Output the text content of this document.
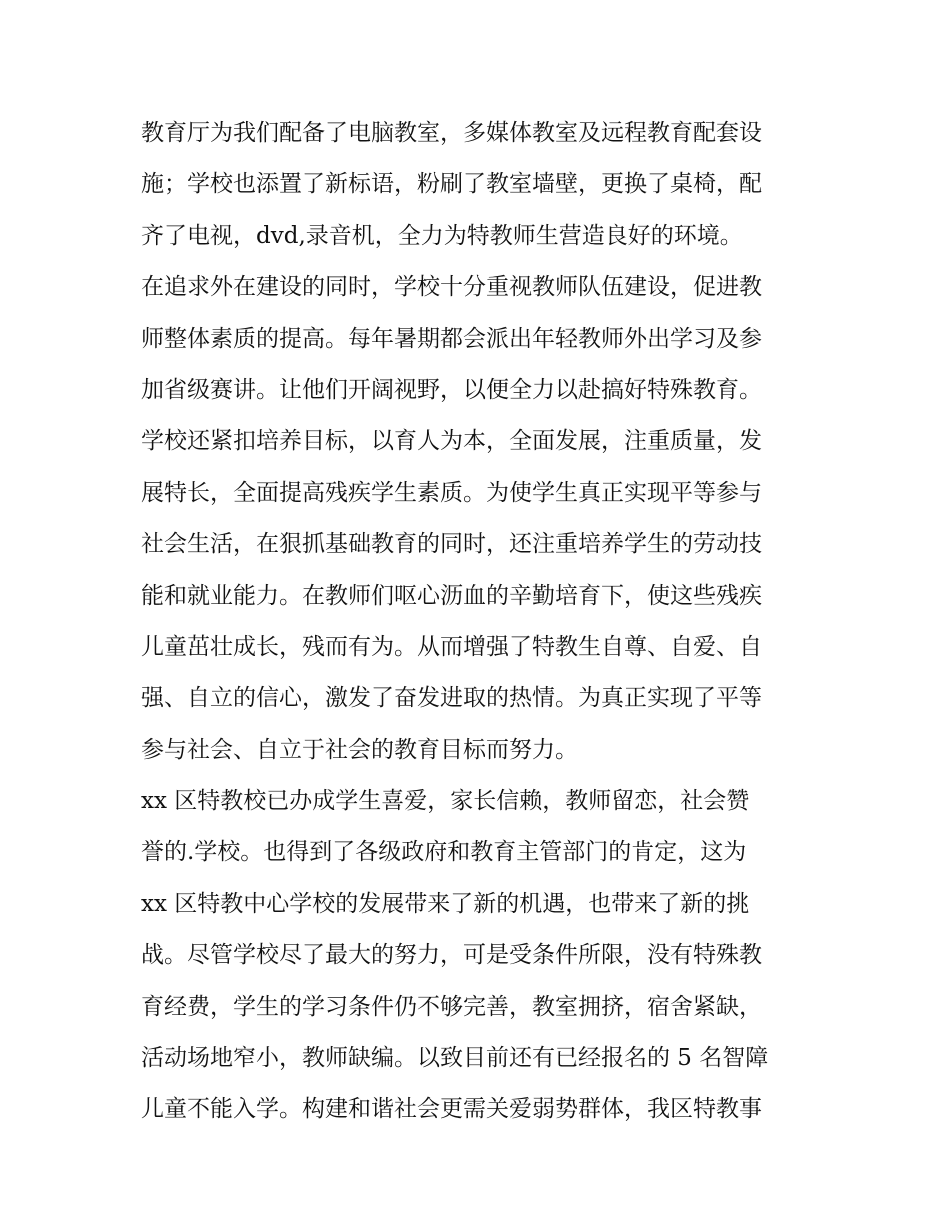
教育厅为我们配备了电脑教室，多媒体教室及远程教育配套设
施；学校也添置了新标语，粉刷了教室墙壁，更换了桌椅，配
齐了电视，dvd,录音机，全力为特教师生营造良好的环境。
在追求外在建设的同时，学校十分重视教师队伍建设，促进教
师整体素质的提高。每年暑期都会派出年轻教师外出学习及参
加省级赛讲。让他们开阔视野，以便全力以赴搞好特殊教育。
学校还紧扣培养目标，以育人为本，全面发展，注重质量，发
展特长，全面提高残疾学生素质。为使学生真正实现平等参与
社会生活，在狠抓基础教育的同时，还注重培养学生的劳动技
能和就业能力。在教师们呕心沥血的辛勤培育下，使这些残疾
儿童茁壮成长，残而有为。从而增强了特教生自尊、自爱、自
强、自立的信心，激发了奋发进取的热情。为真正实现了平等
参与社会、自立于社会的教育目标而努力。
xx 区特教校已办成学生喜爱，家长信赖，教师留恋，社会赞
誉的.学校。也得到了各级政府和教育主管部门的肯定，这为
xx 区特教中心学校的发展带来了新的机遇，也带来了新的挑
战。尽管学校尽了最大的努力，可是受条件所限，没有特殊教
育经费，学生的学习条件仍不够完善，教室拥挤，宿舍紧缺，
活动场地窄小，教师缺编。以致目前还有已经报名的 5 名智障
儿童不能入学。构建和谐社会更需关爱弱势群体，我区特教事
